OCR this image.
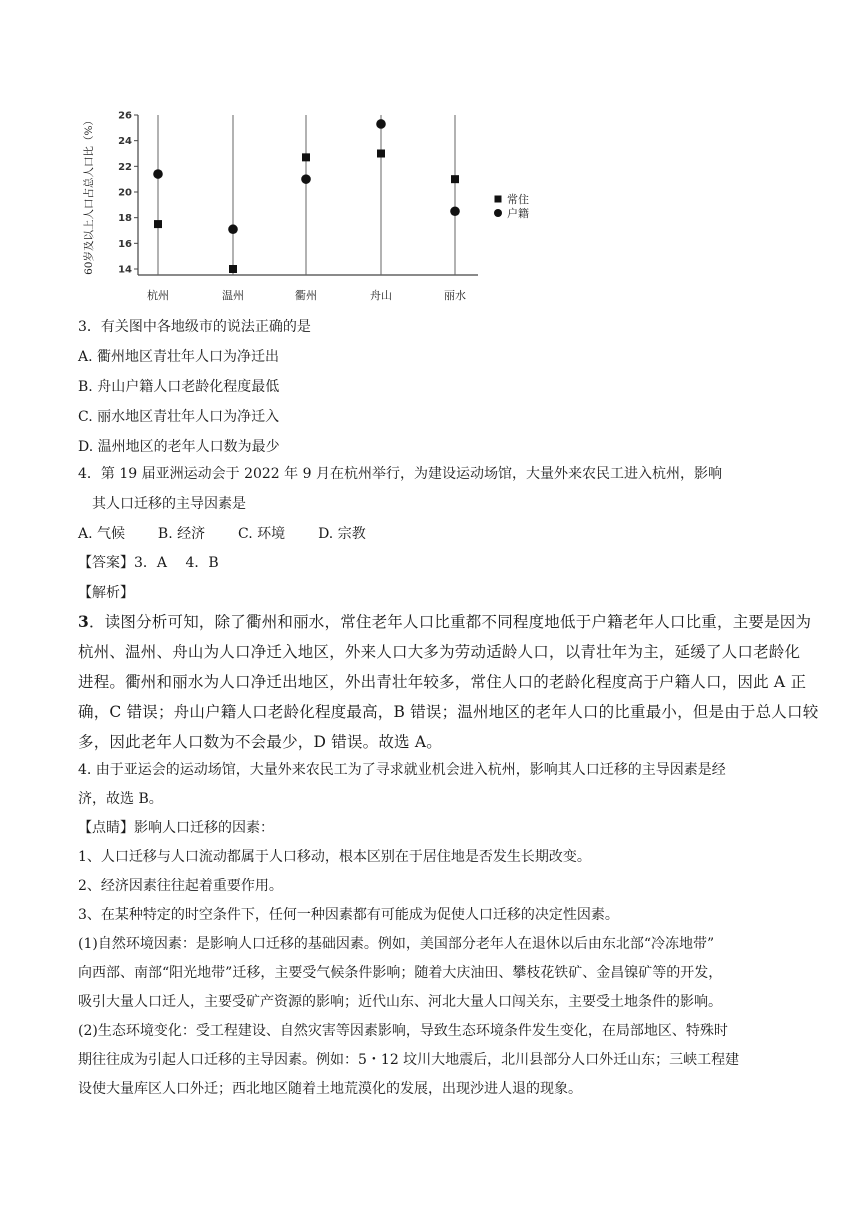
14
16
18
20
22
24
26
60岁及以上人口占总人口比（%）
杭州	温州	衢州	舟山	丽水
常住
户籍
3．有关图中各地级市的说法正确的是
A. 衢州地区青壮年人口为净迁出
B. 舟山户籍人口老龄化程度最低
C. 丽水地区青壮年人口为净迁入
D. 温州地区的老年人口数为最少
4．第 19 届亚洲运动会于 2022 年 9 月在杭州举行，为建设运动场馆，大量外来农民工进入杭州，影响
其人口迁移的主导因素是
A. 气候 B. 经济 C. 环境 D. 宗教
【答案】3．A　 4．B
【解析】
3．读图分析可知，除了衢州和丽水，常住老年人口比重都不同程度地低于户籍老年人口比重，主要是因为
杭州、温州、舟山为人口净迁入地区，外来人口大多为劳动适龄人口，以青壮年为主，延缓了人口老龄化
进程。衢州和丽水为人口净迁出地区，外出青壮年较多，常住人口的老龄化程度高于户籍人口，因此 A 正
确，C 错误；舟山户籍人口老龄化程度最高，B 错误；温州地区的老年人口的比重最小，但是由于总人口较
多，因此老年人口数为不会最少，D 错误。故选 A。
4. 由于亚运会的运动场馆，大量外来农民工为了寻求就业机会进入杭州，影响其人口迁移的主导因素是经
济，故选 B。
【点睛】影响人口迁移的因素：
1、人口迁移与人口流动都属于人口移动，根本区别在于居住地是否发生长期改变。
2、经济因素往往起着重要作用。
3、在某种特定的时空条件下，任何一种因素都有可能成为促使人口迁移的决定性因素。
(1)自然环境因素：是影响人口迁移的基础因素。例如，美国部分老年人在退休以后由东北部“冷冻地带”
向西部、南部“阳光地带”迁移，主要受气候条件影响；随着大庆油田、攀枝花铁矿、金昌镍矿等的开发，
吸引大量人口迁人，主要受矿产资源的影响；近代山东、河北大量人口闯关东，主要受土地条件的影响。
(2)生态环境变化：受工程建设、自然灾害等因素影响，导致生态环境条件发生变化，在局部地区、特殊时
期往往成为引起人口迁移的主导因素。例如：5・12 坟川大地震后，北川县部分人口外迁山东；三峡工程建
设使大量库区人口外迁；西北地区随着土地荒漠化的发展，出现沙进人退的现象。
